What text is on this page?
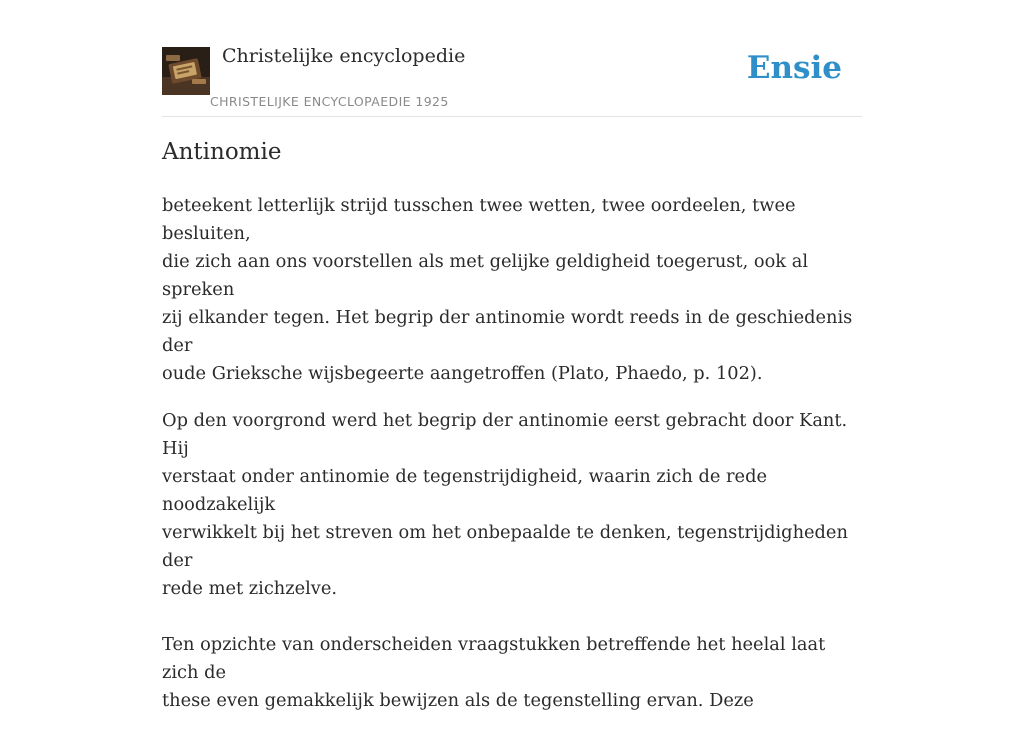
Christelijke encyclopedie
CHRISTELIJKE ENCYCLOPAEDIE 1925
Ensie
Antinomie

beteekent letterlijk strijd tusschen twee wetten, twee oordeelen, twee besluiten,
die zich aan ons voorstellen als met gelijke geldigheid toegerust, ook al spreken
zij elkander tegen. Het begrip der antinomie wordt reeds in de geschiedenis der
oude Grieksche wijsbegeerte aangetroffen (Plato, Phaedo, p. 102).

Op den voorgrond werd het begrip der antinomie eerst gebracht door Kant. Hij
verstaat onder antinomie de tegenstrijdigheid, waarin zich de rede noodzakelijk
verwikkelt bij het streven om het onbepaalde te denken, tegenstrijdigheden der
rede met zichzelve.

Ten opzichte van onderscheiden vraagstukken betreffende het heelal laat zich de
these even gemakkelijk bewijzen als de tegenstelling ervan. Deze
